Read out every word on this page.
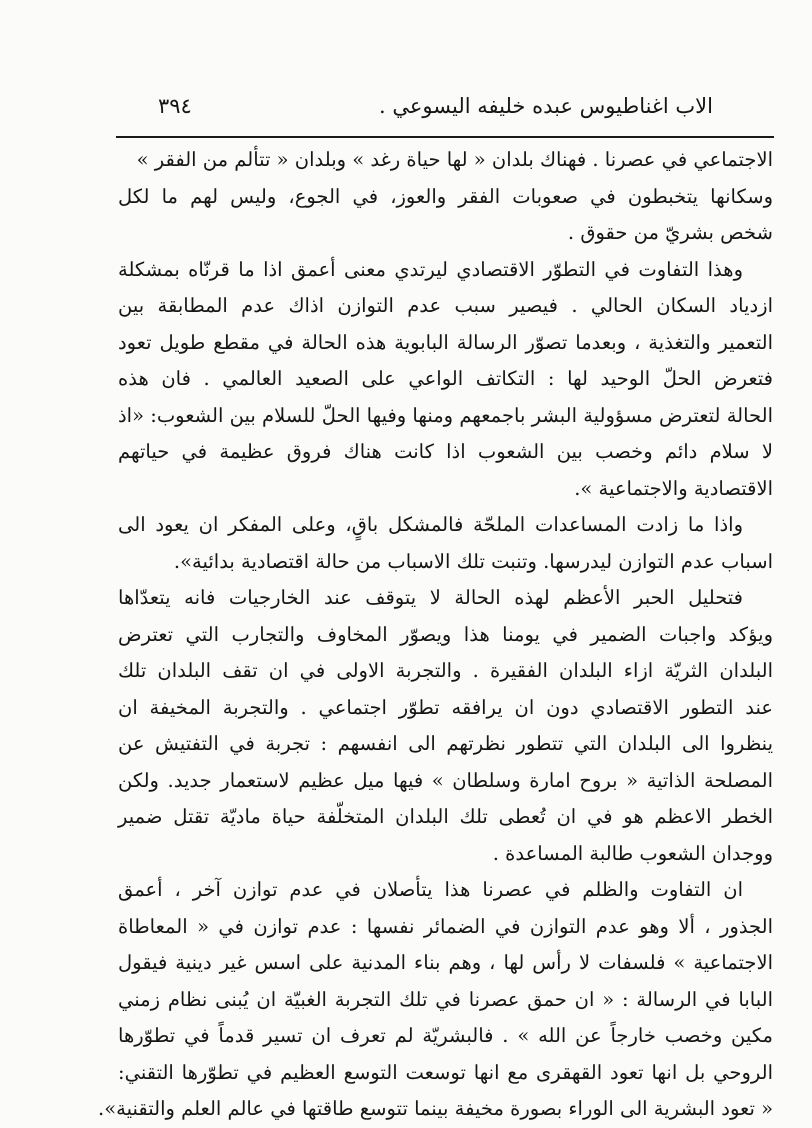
الاب اغناطيوس عبده خليفه اليسوعي .
٣٩٤
الاجتماعي في عصرنا . فهناك بلدان « لها حياة رغد » وبلدان « تتألم من الفقر »
وسكانها يتخبطون في صعوبات الفقر والعوز، في الجوع، وليس لهم ما لكل
شخص بشريّ من حقوق .
وهذا التفاوت في التطوّر الاقتصادي ليرتدي معنى أعمق اذا ما قرنّاه بمشكلة
ازدياد السكان الحالي . فيصير سبب عدم التوازن اذاك عدم المطابقة بين
التعمير والتغذية ، وبعدما تصوّر الرسالة البابوية هذه الحالة في مقطع طويل تعود
فتعرض الحلّ الوحيد لها : التكاتف الواعي على الصعيد العالمي . فان هذه
الحالة لتعترض مسؤولية البشر باجمعهم ومنها وفيها الحلّ للسلام بين الشعوب: «اذ
لا سلام دائم وخصب بين الشعوب اذا كانت هناك فروق عظيمة في حياتهم
الاقتصادية والاجتماعية ».
واذا ما زادت المساعدات الملحّة فالمشكل باقٍ، وعلى المفكر ان يعود الى
اسباب عدم التوازن ليدرسها. وتنبت تلك الاسباب من حالة اقتصادية بدائية».
فتحليل الحبر الأعظم لهذه الحالة لا يتوقف عند الخارجيات فانه يتعدّاها
ويؤكد واجبات الضمير في يومنا هذا ويصوّر المخاوف والتجارب التي تعترض
البلدان الثريّة ازاء البلدان الفقيرة . والتجربة الاولى في ان تقف البلدان تلك
عند التطور الاقتصادي دون ان يرافقه تطوّر اجتماعي . والتجربة المخيفة ان
ينظروا الى البلدان التي تتطور نظرتهم الى انفسهم : تجربة في التفتيش عن
المصلحة الذاتية « بروح امارة وسلطان » فيها ميل عظيم لاستعمار جديد. ولكن
الخطر الاعظم هو في ان تُعطى تلك البلدان المتخلّفة حياة ماديّة تقتل ضمير
ووجدان الشعوب طالبة المساعدة .
ان التفاوت والظلم في عصرنا هذا يتأصلان في عدم توازن آخر ، أعمق
الجذور ، ألا وهو عدم التوازن في الضمائر نفسها : عدم توازن في « المعاطاة
الاجتماعية » فلسفات لا رأس لها ، وهم بناء المدنية على اسس غير دينية فيقول
البابا في الرسالة : « ان حمق عصرنا في تلك التجربة الغبيّة ان يُبنى نظام زمني
مكين وخصب خارجاً عن الله » . فالبشريّة لم تعرف ان تسير قدماً في تطوّرها
الروحي بل انها تعود القهقرى مع انها توسعت التوسع العظيم في تطوّرها التقني:
« تعود البشرية الى الوراء بصورة مخيفة بينما تتوسع طاقتها في عالم العلم والتقنية».
